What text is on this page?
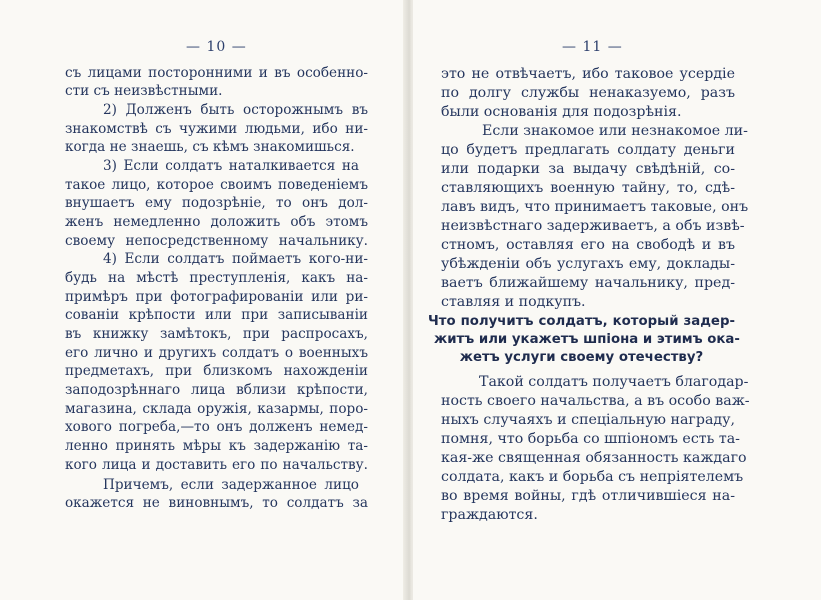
— 10 —
съ лицами посторонними и въ особенно-
сти съ неизвѣстными.
2) Долженъ быть осторожнымъ въ
знакомствѣ съ чужими людьми, ибо ни-
когда не знаешь, съ кѣмъ знакомишься.
3) Если солдатъ наталкивается на
такое лицо, которое своимъ поведеніемъ
внушаетъ ему подозрѣніе, то онъ дол-
женъ немедленно доложить объ этомъ
своему непосредственному начальнику.
4) Если солдатъ поймаетъ кого-ни-
будь на мѣстѣ преступленія, какъ на-
примѣръ при фотографированіи или ри-
сованіи крѣпости или при записываніи
въ книжку замѣтокъ, при распросахъ,
его лично и другихъ солдатъ о военныхъ
предметахъ, при близкомъ нахожденіи
заподозрѣннаго лица вблизи крѣпости,
магазина, склада оружія, казармы, поро-
хового погреба,—то онъ долженъ немед-
ленно принять мѣры къ задержанію та-
кого лица и доставить его по начальству.
Причемъ, если задержанное лицо
окажется не виновнымъ, то солдатъ за
— 11 —
это не отвѣчаетъ, ибо таковое усердіе
по долгу службы ненаказуемо, разъ
были основанія для подозрѣнія.
Если знакомое или незнакомое ли-
цо будетъ предлагать солдату деньги
или подарки за выдачу свѣдѣній, со-
ставляющихъ военную тайну, то, сдѣ-
лавъ видъ, что принимаетъ таковые, онъ
неизвѣстнаго задерживаетъ, а объ извѣ-
стномъ, оставляя его на свободѣ и въ
убѣжденіи объ услугахъ ему, доклады-
ваетъ ближайшему начальнику, пред-
ставляя и подкупъ.
Что получитъ солдатъ, который задер-
житъ или укажетъ шпіона и этимъ ока-
жетъ услуги своему отечеству?
Такой солдатъ получаетъ благодар-
ность своего начальства, а въ особо важ-
ныхъ случаяхъ и спеціальную награду,
помня, что борьба со шпіономъ есть та-
кая-же священная обязанность каждаго
солдата, какъ и борьба съ непріятелемъ
во время войны, гдѣ отличившіеся на-
граждаются.
